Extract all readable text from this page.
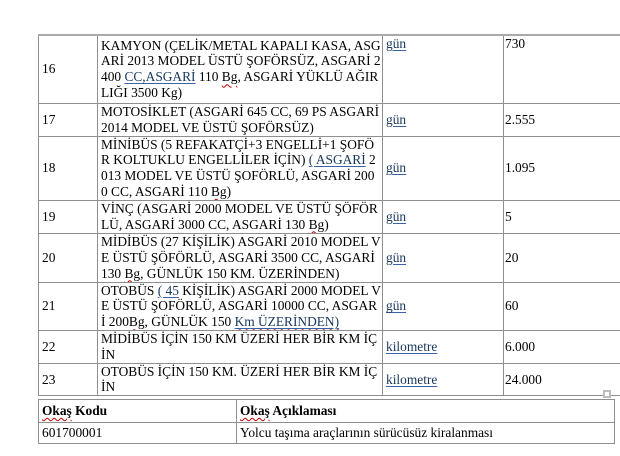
16	KAMYON (ÇELİK/METAL KAPALI KASA, ASGARİ 2013 MODEL ÜSTÜ ŞOFÖRSÜZ, ASGARİ 2400 CC,ASGARİ 110 Bg, ASGARİ YÜKLÜ AĞIRLIĞI 3500 Kg)	gün	730
17	MOTOSİKLET (ASGARİ 645 CC, 69 PS ASGARİ 2014 MODEL VE ÜSTÜ ŞOFÖRSÜZ)	gün	2.555
18	MİNİBÜS (5 REFAKATÇİ+3 ENGELLİ+1 ŞOFÖR KOLTUKLU ENGELLİLER İÇİN) ( ASGARİ 2013 MODEL VE ÜSTÜ ŞOFÖRLÜ, ASGARİ 2000 CC, ASGARİ 110 Bg)	gün	1.095
19	VİNÇ (ASGARİ 2000 MODEL VE ÜSTÜ ŞÖFÖRLÜ, ASGARİ 3000 CC, ASGARİ 130 Bg)	gün	5
20	MİDİBÜS (27 KİŞİLİK) ASGARİ 2010 MODEL VE ÜSTÜ ŞÖFÖRLÜ, ASGARİ 3500 CC, ASGARİ 130 Bg, GÜNLÜK 150 KM. ÜZERİNDEN)	gün	20
21	OTOBÜS ( 45 KİŞİLİK) ASGARİ 2000 MODEL VE ÜSTÜ ŞOFÖRLÜ, ASGARİ 10000 CC, ASGARİ 200Bg, GÜNLÜK 150 Km ÜZERİNDEN)	gün	60
22	MİDİBÜS İÇİN 150 KM ÜZERİ HER BİR KM İÇİN	kilometre	6.000
23	OTOBÜS İÇİN 150 KM. ÜZERİ HER BİR KM İÇİN	kilometre	24.000
Okaş Kodu	Okaş Açıklaması
601700001	Yolcu taşıma araçlarının sürücüsüz kiralanması
